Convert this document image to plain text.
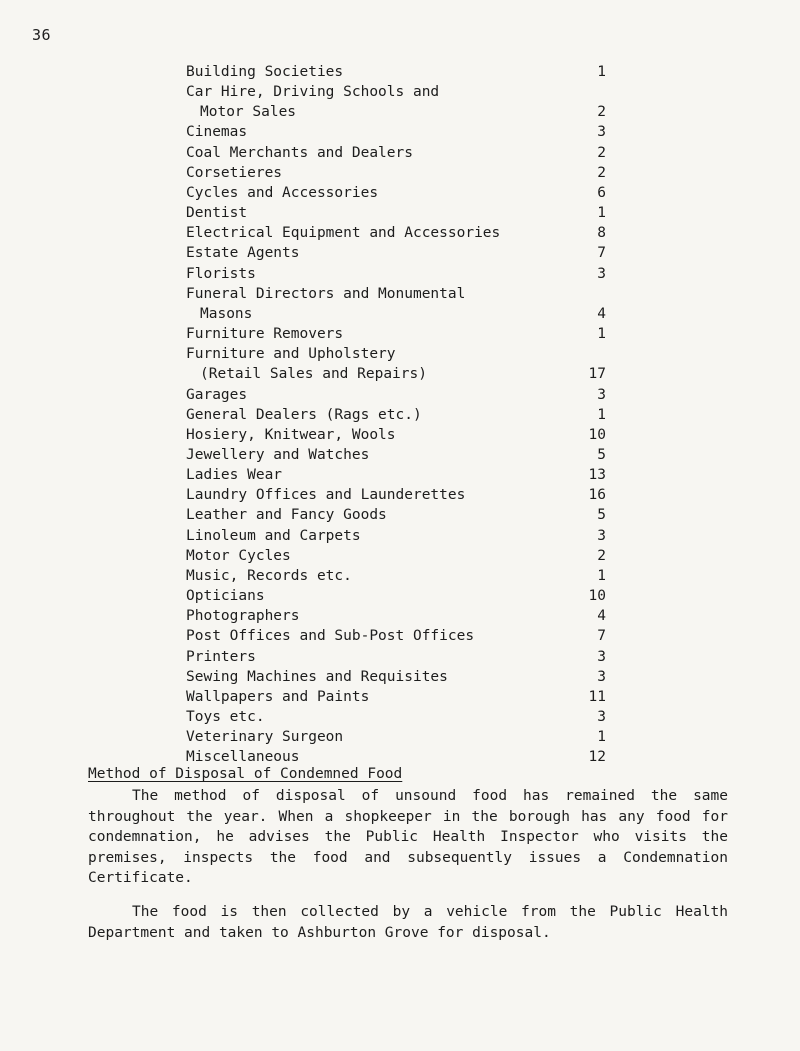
36
Building Societies	1
Car Hire, Driving Schools and
Motor Sales	2
Cinemas	3
Coal Merchants and Dealers	2
Corsetieres	2
Cycles and Accessories	6
Dentist	1
Electrical Equipment and Accessories	8
Estate Agents	7
Florists	3
Funeral Directors and Monumental
Masons	4
Furniture Removers	1
Furniture and Upholstery
(Retail Sales and Repairs)	17
Garages	3
General Dealers (Rags etc.)	1
Hosiery, Knitwear, Wools	10
Jewellery and Watches	5
Ladies Wear	13
Laundry Offices and Launderettes	16
Leather and Fancy Goods	5
Linoleum and Carpets	3
Motor Cycles	2
Music, Records etc.	1
Opticians	10
Photographers	4
Post Offices and Sub-Post Offices	7
Printers	3
Sewing Machines and Requisites	3
Wallpapers and Paints	11
Toys etc.	3
Veterinary Surgeon	1
Miscellaneous	12
Method of Disposal of Condemned Food

The method of disposal of unsound food has remained the same throughout the year. When a shopkeeper in the borough has any food for condemnation, he advises the Public Health Inspector who visits the premises, inspects the food and subsequently issues a Condemnation Certificate.

The food is then collected by a vehicle from the Public Health Department and taken to Ashburton Grove for disposal.
